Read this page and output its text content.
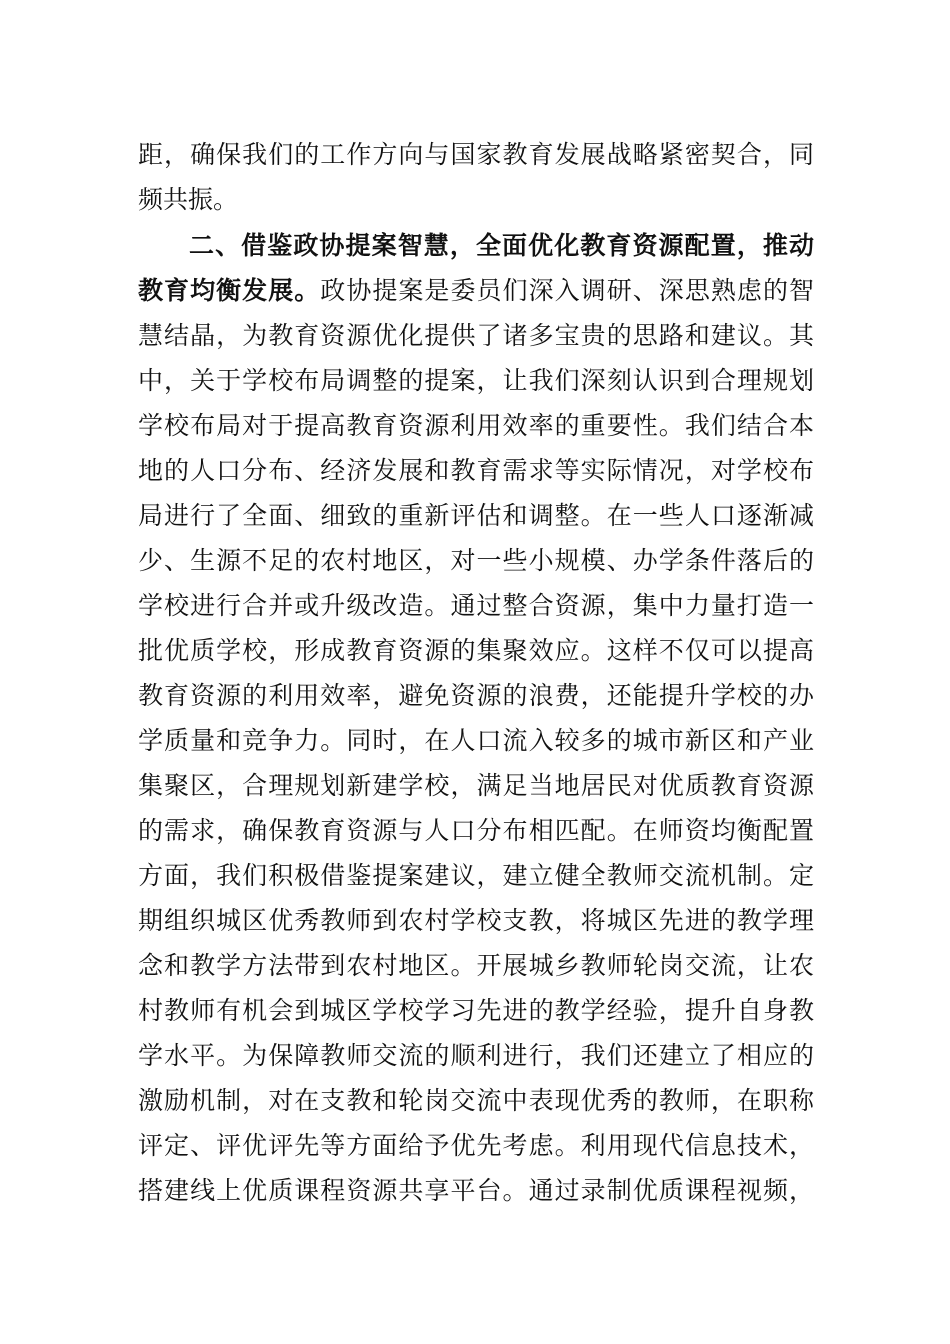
距，确保我们的工作方向与国家教育发展战略紧密契合，同
频共振。
二、借鉴政协提案智慧，全面优化教育资源配置，推动
教育均衡发展。政协提案是委员们深入调研、深思熟虑的智
慧结晶，为教育资源优化提供了诸多宝贵的思路和建议。其
中，关于学校布局调整的提案，让我们深刻认识到合理规划
学校布局对于提高教育资源利用效率的重要性。我们结合本
地的人口分布、经济发展和教育需求等实际情况，对学校布
局进行了全面、细致的重新评估和调整。在一些人口逐渐减
少、生源不足的农村地区，对一些小规模、办学条件落后的
学校进行合并或升级改造。通过整合资源，集中力量打造一
批优质学校，形成教育资源的集聚效应。这样不仅可以提高
教育资源的利用效率，避免资源的浪费，还能提升学校的办
学质量和竞争力。同时，在人口流入较多的城市新区和产业
集聚区，合理规划新建学校，满足当地居民对优质教育资源
的需求，确保教育资源与人口分布相匹配。在师资均衡配置
方面，我们积极借鉴提案建议，建立健全教师交流机制。定
期组织城区优秀教师到农村学校支教，将城区先进的教学理
念和教学方法带到农村地区。开展城乡教师轮岗交流，让农
村教师有机会到城区学校学习先进的教学经验，提升自身教
学水平。为保障教师交流的顺利进行，我们还建立了相应的
激励机制，对在支教和轮岗交流中表现优秀的教师，在职称
评定、评优评先等方面给予优先考虑。利用现代信息技术，
搭建线上优质课程资源共享平台。通过录制优质课程视频，
